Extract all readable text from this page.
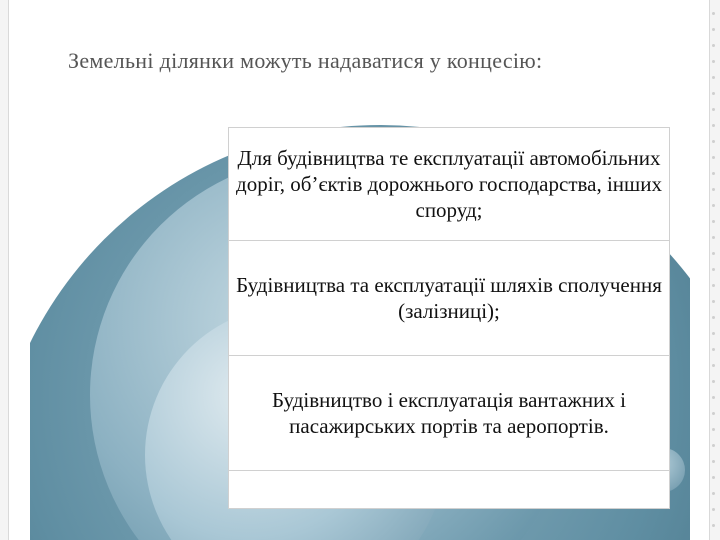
Земельні ділянки можуть надаватися у концесію:
Для будівництва те експлуатації автомобільних доріг, об’єктів дорожнього господарства, інших споруд;
Будівництва та експлуатації шляхів сполучення (залізниці);
Будівництво і експлуатація вантажних і пасажирських портів та аеропортів.
